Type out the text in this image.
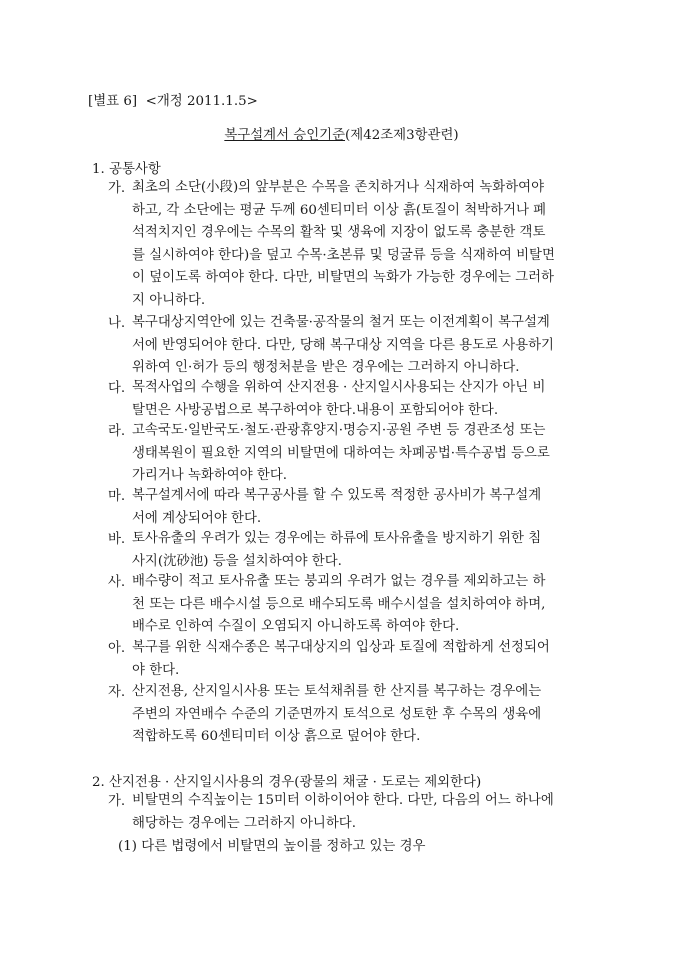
[별표 6] <개정 2011.1.5>
복구설계서 승인기준(제42조제3항관련)
1. 공통사항
가. 최초의 소단(小段)의 앞부분은 수목을 존치하거나 식재하여 녹화하여야
하고, 각 소단에는 평균 두께 60센티미터 이상 흙(토질이 척박하거나 폐
석적치지인 경우에는 수목의 활착 및 생육에 지장이 없도록 충분한 객토
를 실시하여야 한다)을 덮고 수목·초본류 및 덩굴류 등을 식재하여 비탈면
이 덮이도록 하여야 한다. 다만, 비탈면의 녹화가 가능한 경우에는 그러하
지 아니하다.
나. 복구대상지역안에 있는 건축물·공작물의 철거 또는 이전계획이 복구설계
서에 반영되어야 한다. 다만, 당해 복구대상 지역을 다른 용도로 사용하기
위하여 인·허가 등의 행정처분을 받은 경우에는 그러하지 아니하다.
다. 목적사업의 수행을 위하여 산지전용 · 산지일시사용되는 산지가 아닌 비
탈면은 사방공법으로 복구하여야 한다.내용이 포함되어야 한다.
라. 고속국도·일반국도·철도·관광휴양지·명승지·공원 주변 등 경관조성 또는
생태복원이 필요한 지역의 비탈면에 대하여는 차폐공법·특수공법 등으로
가리거나 녹화하여야 한다.
마. 복구설계서에 따라 복구공사를 할 수 있도록 적정한 공사비가 복구설계
서에 계상되어야 한다.
바. 토사유출의 우려가 있는 경우에는 하류에 토사유출을 방지하기 위한 침
사지(沈砂池) 등을 설치하여야 한다.
사. 배수량이 적고 토사유출 또는 붕괴의 우려가 없는 경우를 제외하고는 하
천 또는 다른 배수시설 등으로 배수되도록 배수시설을 설치하여야 하며,
배수로 인하여 수질이 오염되지 아니하도록 하여야 한다.
아. 복구를 위한 식재수종은 복구대상지의 입상과 토질에 적합하게 선정되어
야 한다.
자. 산지전용, 산지일시사용 또는 토석채취를 한 산지를 복구하는 경우에는
주변의 자연배수 수준의 기준면까지 토석으로 성토한 후 수목의 생육에
적합하도록 60센티미터 이상 흙으로 덮어야 한다.
2. 산지전용 · 산지일시사용의 경우(광물의 채굴 · 도로는 제외한다)
가. 비탈면의 수직높이는 15미터 이하이어야 한다. 다만, 다음의 어느 하나에
해당하는 경우에는 그러하지 아니하다.
(1) 다른 법령에서 비탈면의 높이를 정하고 있는 경우
